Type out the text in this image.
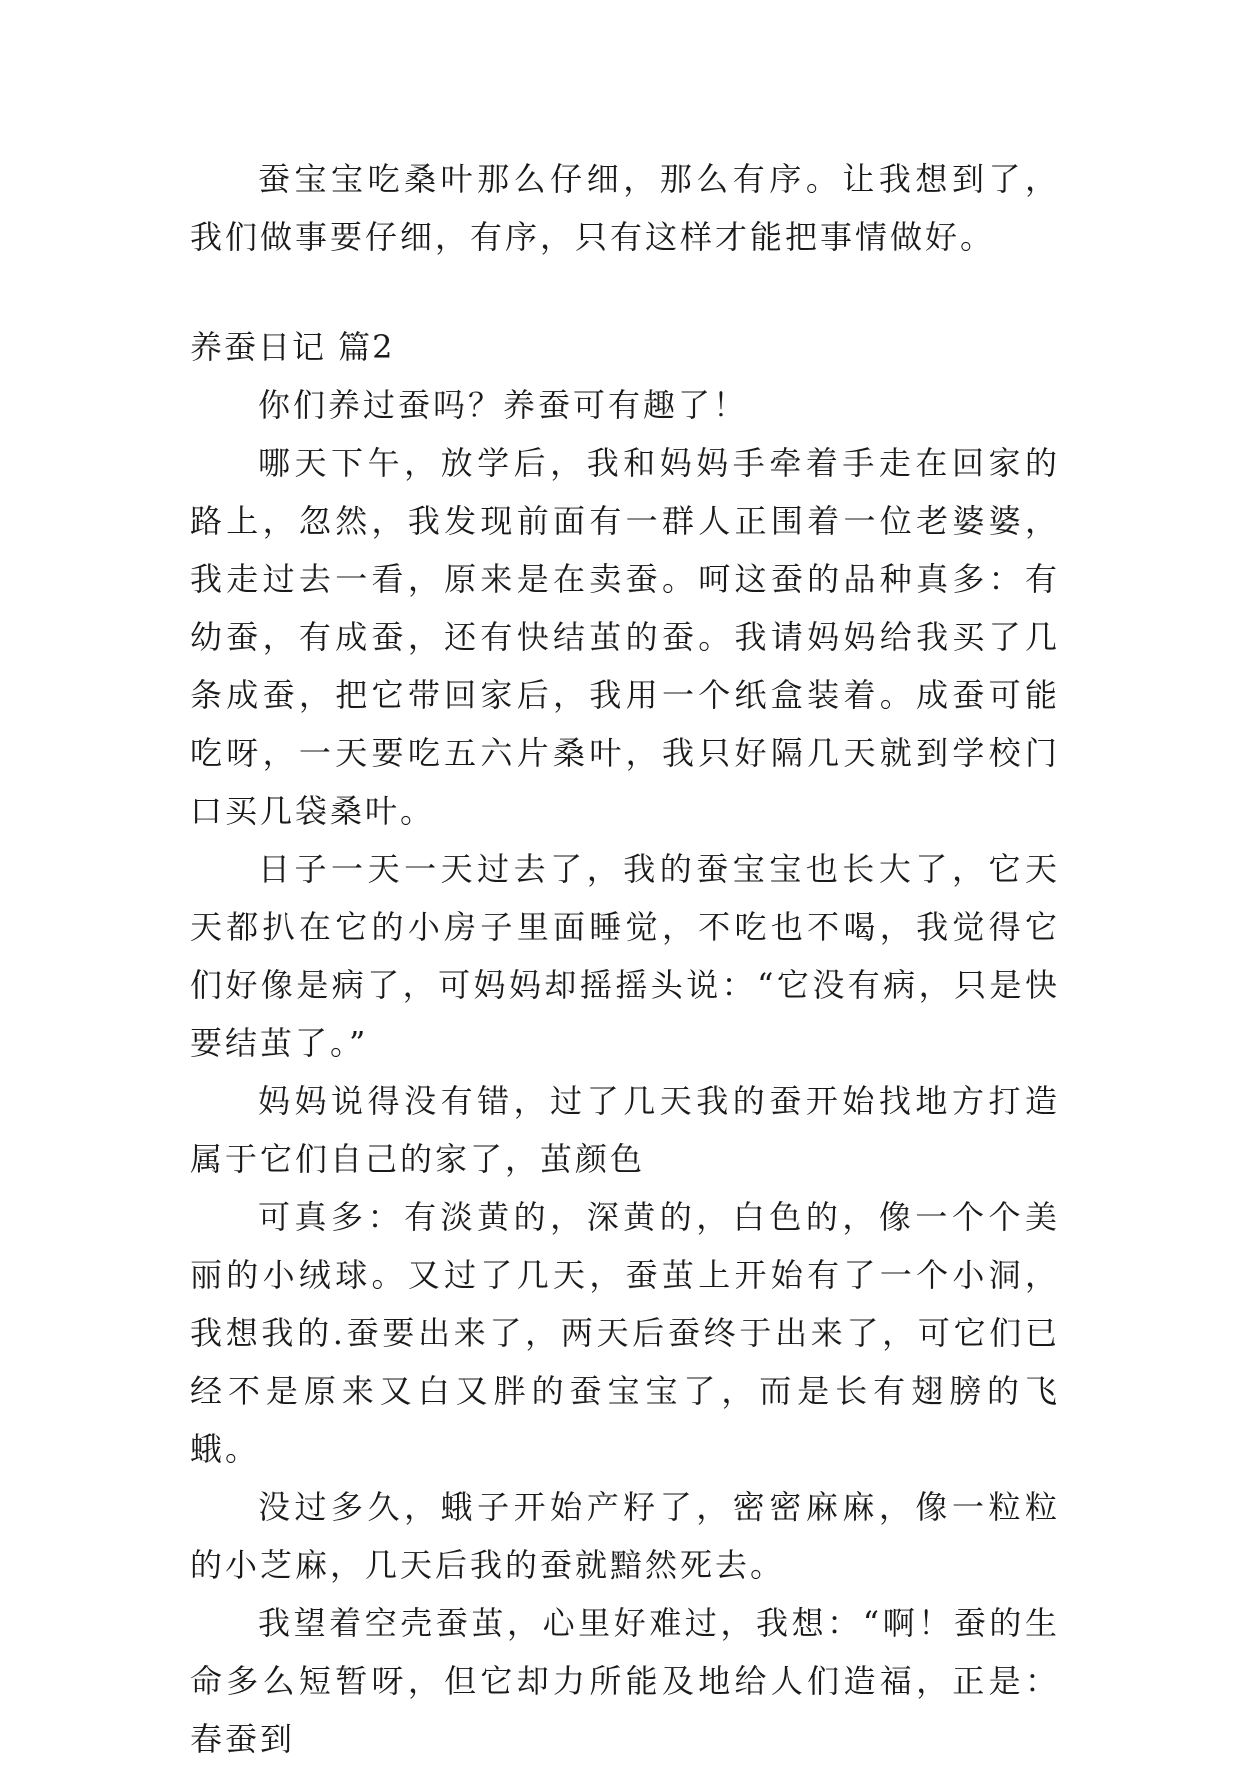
蚕宝宝吃桑叶那么仔细，那么有序。让我想到了，我们做事要仔细，有序，只有这样才能把事情做好。

养蚕日记 篇2

你们养过蚕吗？养蚕可有趣了！

哪天下午，放学后，我和妈妈手牵着手走在回家的路上，忽然，我发现前面有一群人正围着一位老婆婆，我走过去一看，原来是在卖蚕。呵这蚕的品种真多：有幼蚕，有成蚕，还有快结茧的蚕。我请妈妈给我买了几条成蚕，把它带回家后，我用一个纸盒装着。成蚕可能吃呀，一天要吃五六片桑叶，我只好隔几天就到学校门口买几袋桑叶。

日子一天一天过去了，我的蚕宝宝也长大了，它天天都扒在它的小房子里面睡觉，不吃也不喝，我觉得它们好像是病了，可妈妈却摇摇头说：“它没有病，只是快要结茧了。”

妈妈说得没有错，过了几天我的蚕开始找地方打造属于它们自己的家了，茧颜色

可真多：有淡黄的，深黄的，白色的，像一个个美丽的小绒球。又过了几天，蚕茧上开始有了一个小洞，我想我的.蚕要出来了，两天后蚕终于出来了，可它们已经不是原来又白又胖的蚕宝宝了，而是长有翅膀的飞蛾。

没过多久，蛾子开始产籽了，密密麻麻，像一粒粒的小芝麻，几天后我的蚕就黯然死去。

我望着空壳蚕茧，心里好难过，我想：“啊！蚕的生命多么短暂呀，但它却力所能及地给人们造福，正是：春蚕到
